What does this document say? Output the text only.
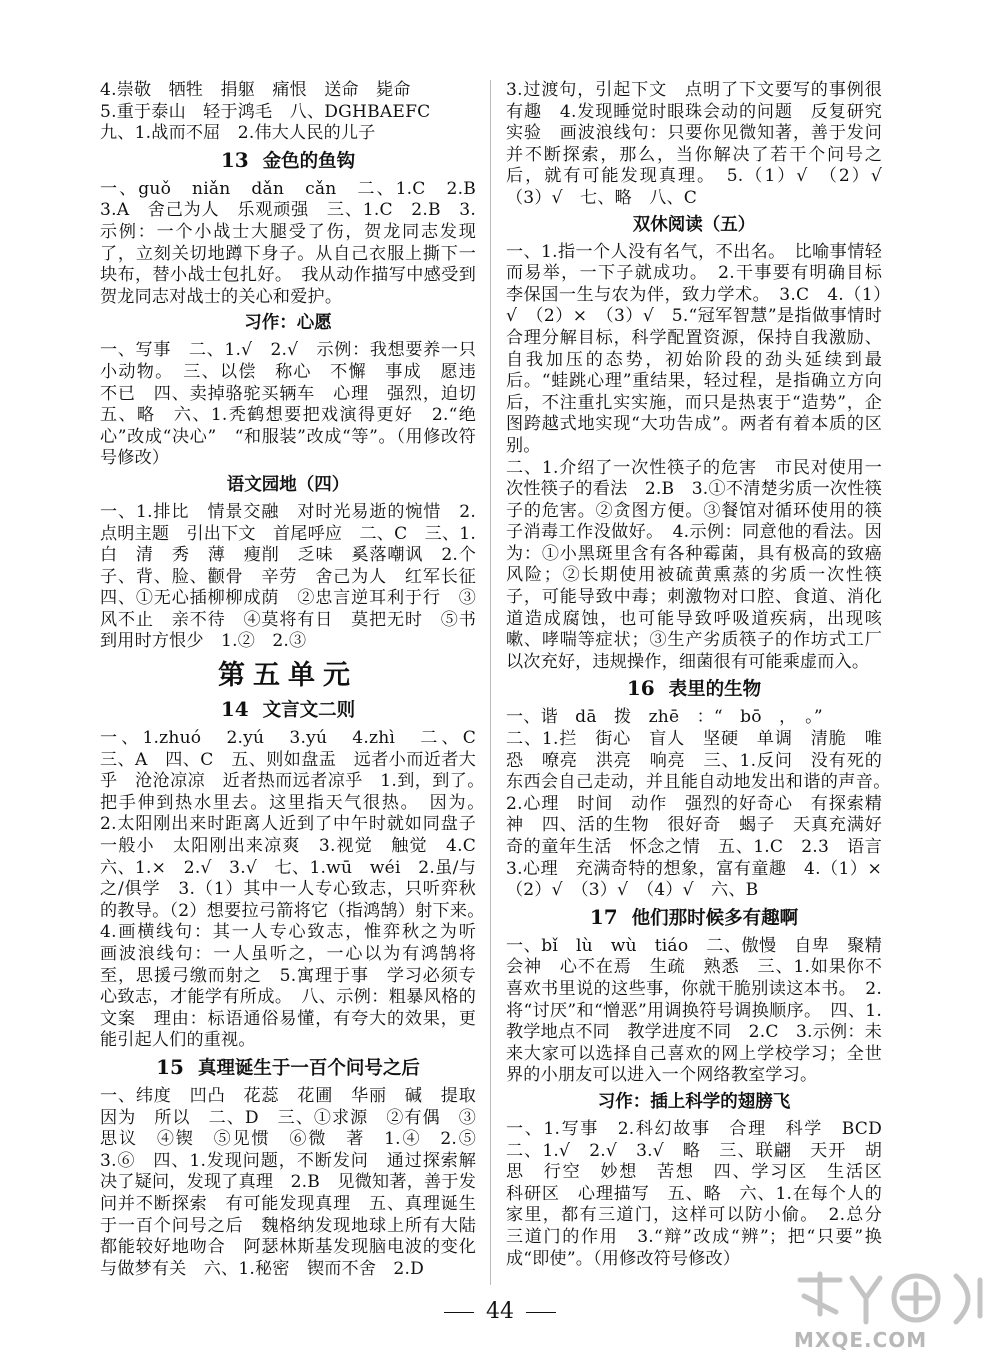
4.崇敬　牺牲　捐躯　痛恨　送命　毙命

5.重于泰山　轻于鸿毛　八、DGHBAEFC

九、1.战而不屈　2.伟大人民的儿子

13 金色的鱼钩

一、guǒ　niǎn　dǎn　cǎn　二、1.C　2.B　3.A　舍己为人　乐观顽强　三、1.C　2.B　3.示例：一个小战士大腿受了伤，贺龙同志发现了，立刻关切地蹲下身子。从自己衣服上撕下一块布，替小战士包扎好。　我从动作描写中感受到贺龙同志对战士的关心和爱护。

习作：心愿

一、写事　二、1.√　2.√　示例：我想要养一只小动物。　三、以偿　称心　不懈　事成　愿违　不已　四、卖掉骆驼买辆车　心理　强烈，迫切　五、略　六、1.秃鹤想要把戏演得更好　2.“绝心”改成“决心”　“和服装”改成“等”。（用修改符号修改）

语文园地（四）

一、1.排比　情景交融　对时光易逝的惋惜　2.点明主题　引出下文　首尾呼应　二、C　三、1.白　清　秀　薄　瘦削　乏味　奚落嘲讽　2.个子、背、脸、颧骨　辛劳　舍己为人　红军长征　四、①无心插柳柳成荫　②忠言逆耳利于行　③风不止　亲不待　④莫将有日　莫把无时　⑤书到用时方恨少　1.②　2.③

第五单元
14 文言文二则

一、1.zhuó　2.yú　3.yú　4.zhì　二、C　三、A　四、C　五、则如盘盂　远者小而近者大乎　沧沧凉凉　近者热而远者凉乎　1.到，到了。　把手伸到热水里去。这里指天气很热。　因为。　2.太阳刚出来时距离人近到了中午时就如同盘子一般小　太阳刚出来凉爽　3.视觉　触觉　4.C　六、1.×　2.√　3.√　七、1.wū　wéi　2.虽/与之/俱学　3.（1）其中一人专心致志，只听弈秋的教导。（2）想要拉弓箭将它（指鸿鹄）射下来。　4.画横线句：其一人专心致志，惟弈秋之为听　画波浪线句：一人虽听之，一心以为有鸿鹄将至，思援弓缴而射之　5.寓理于事　学习必须专心致志，才能学有所成。　八、示例：粗暴风格的文案　理由：标语通俗易懂，有夸大的效果，更能引起人们的重视。

15 真理诞生于一百个问号之后

一、纬度　凹凸　花蕊　花圃　华丽　碱　提取　因为　所以　二、D　三、①求源　②有偶　③思议　④锲　⑤见惯　⑥微　著　1.④　2.⑤　3.⑥　四、1.发现问题，不断发问　通过探索解决了疑问，发现了真理　2.B　见微知著，善于发问并不断探索　有可能发现真理　五、真理诞生于一百个问号之后　魏格纳发现地球上所有大陆都能较好地吻合　阿瑟林斯基发现脑电波的变化与做梦有关　六、1.秘密　锲而不舍　2.D

3.过渡句，引起下文　点明了下文要写的事例很有趣　4.发现睡觉时眼珠会动的问题　反复研究实验　画波浪线句：只要你见微知著，善于发问并不断探索，那么，当你解决了若干个问号之后，就有可能发现真理。　5.（1）√　（2）√　（3）√　七、略　八、C

双休阅读（五）

一、1.指一个人没有名气，不出名。　比喻事情轻而易举，一下子就成功。　2.干事要有明确目标　李保国一生与农为伴，致力学术。　3.C　4.（1）√　（2）×　（3）√　5.“冠军智慧”是指做事情时合理分解目标，科学配置资源，保持自我激励、自我加压的态势，初始阶段的劲头延续到最后。“蛙跳心理”重结果，轻过程，是指确立方向后，不注重扎实实施，而只是热衷于“造势”，企图跨越式地实现“大功告成”。两者有着本质的区别。

二、1.介绍了一次性筷子的危害　市民对使用一次性筷子的看法　2.B　3.①不清楚劣质一次性筷子的危害。②贪图方便。③餐馆对循环使用的筷子消毒工作没做好。　4.示例：同意他的看法。因为：①小黑斑里含有各种霉菌，具有极高的致癌风险；②长期使用被硫黄熏蒸的劣质一次性筷子，可能导致中毒；刺激物对口腔、食道、消化道造成腐蚀，也可能导致呼吸道疾病，出现咳嗽、哮喘等症状；③生产劣质筷子的作坊式工厂以次充好，违规操作，细菌很有可能乘虚而入。

16 表里的生物

一、谐　dā　拨　zhē　：“　bō　，　。”

二、1.拦　街心　盲人　坚硬　单调　清脆　唯恐　嘹亮　洪亮　响亮　三、1.反问　没有死的东西会自己走动，并且能自动地发出和谐的声音。　2.心理　时间　动作　强烈的好奇心　有探索精神　四、活的生物　很好奇　蝎子　天真充满好奇的童年生活　怀念之情　五、1.C　2.3　语言　3.心理　充满奇特的想象，富有童趣　4.（1）×　（2）√　（3）√　（4）√　六、B

17 他们那时候多有趣啊

一、bǐ　lù　wù　tiáo　二、傲慢　自卑　聚精会神　心不在焉　生疏　熟悉　三、1.如果你不喜欢书里说的这些事，你就干脆别读这本书。　2.将“讨厌”和“憎恶”用调换符号调换顺序。　四、1.教学地点不同　教学进度不同　2.C　3.示例：未来大家可以选择自己喜欢的网上学校学习；全世界的小朋友可以进入一个网络教室学习。

习作：插上科学的翅膀飞

一、1.写事　2.科幻故事　合理　科学　BCD　二、1.√　2.√　3.√　略　三、联翩　天开　胡思　行空　妙想　苦想　四、学习区　生活区　科研区　心理描写　五、略　六、1.在每个人的家里，都有三道门，这样可以防小偷。　2.总分　三道门的作用　3.“辩”改成“辨”；把“只要”换成“即使”。（用修改符号修改）

44
MXQE.COM
